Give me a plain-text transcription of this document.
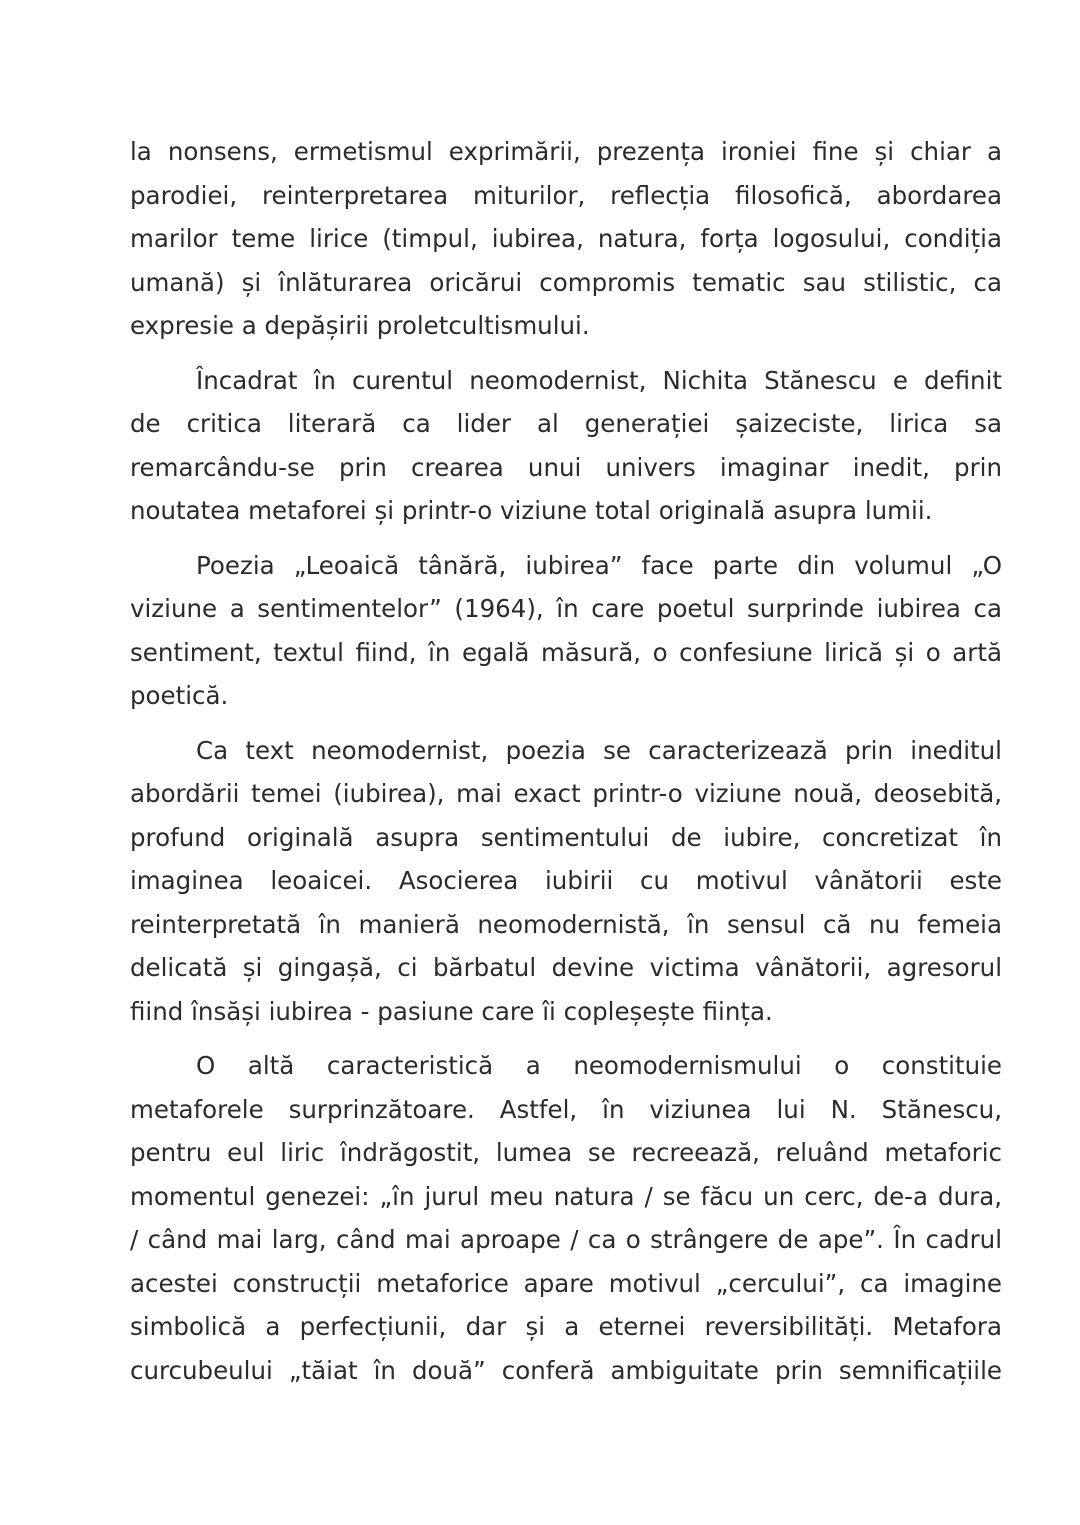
la nonsens, ermetismul exprimării, prezența ironiei fine și chiar a
parodiei, reinterpretarea miturilor, reflecția filosofică, abordarea
marilor teme lirice (timpul, iubirea, natura, forța logosului, condiția
umană) și înlăturarea oricărui compromis tematic sau stilistic, ca
expresie a depășirii proletcultismului.
Încadrat în curentul neomodernist, Nichita Stănescu e definit
de critica literară ca lider al generației șaizeciste, lirica sa
remarcându-se prin crearea unui univers imaginar inedit, prin
noutatea metaforei și printr-o viziune total originală asupra lumii.
Poezia „Leoaică tânără, iubirea” face parte din volumul „O
viziune a sentimentelor” (1964), în care poetul surprinde iubirea ca
sentiment, textul fiind, în egală măsură, o confesiune lirică și o artă
poetică.
Ca text neomodernist, poezia se caracterizează prin ineditul
abordării temei (iubirea), mai exact printr-o viziune nouă, deosebită,
profund originală asupra sentimentului de iubire, concretizat în
imaginea leoaicei. Asocierea iubirii cu motivul vânătorii este
reinterpretată în manieră neomodernistă, în sensul că nu femeia
delicată și gingașă, ci bărbatul devine victima vânătorii, agresorul
fiind însăși iubirea - pasiune care îi copleșește ființa.
O altă caracteristică a neomodernismului o constituie
metaforele surprinzătoare. Astfel, în viziunea lui N. Stănescu,
pentru eul liric îndrăgostit, lumea se recreează, reluând metaforic
momentul genezei: „în jurul meu natura / se făcu un cerc, de-a dura,
/ când mai larg, când mai aproape / ca o strângere de ape”. În cadrul
acestei construcții metaforice apare motivul „cercului”, ca imagine
simbolică a perfecțiunii, dar și a eternei reversibilități. Metafora
curcubeului „tăiat în două” conferă ambiguitate prin semnificațiile
